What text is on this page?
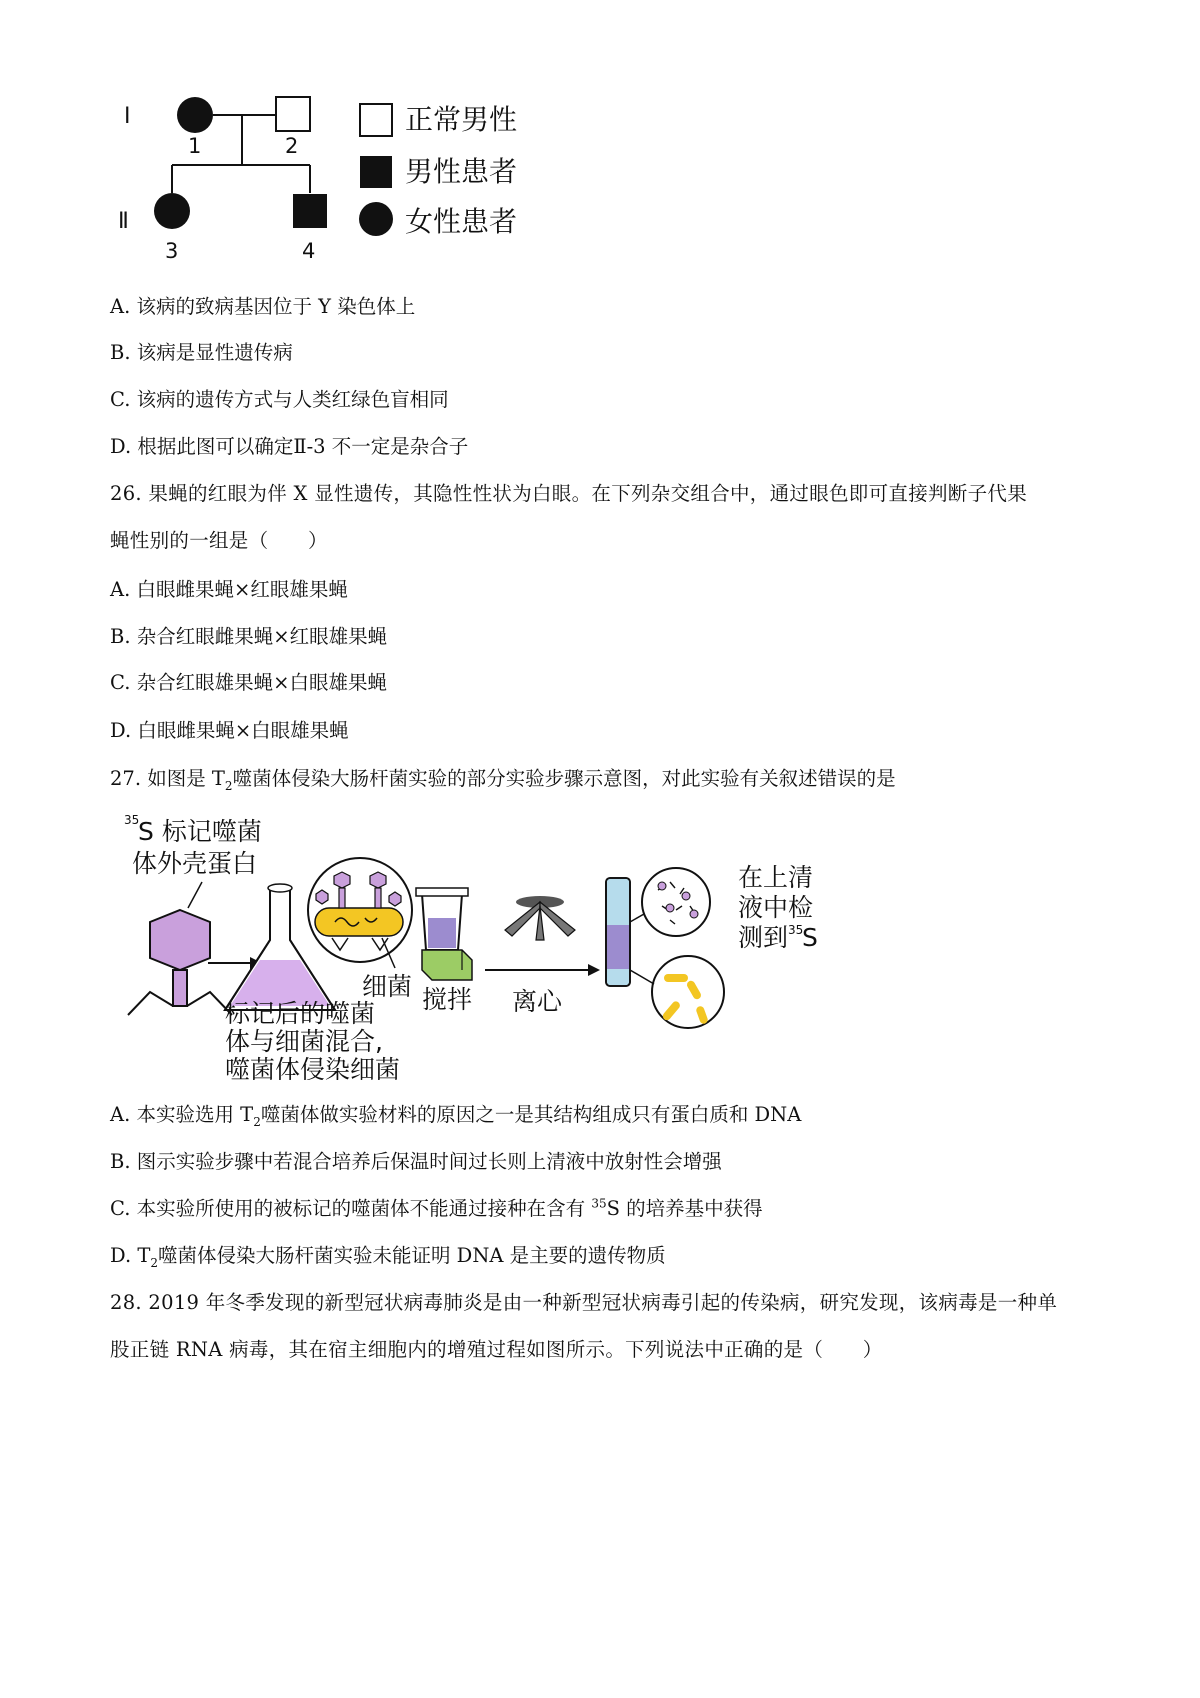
I
Ⅱ
1	2
3	4
正常男性
男性患者
女性患者
A. 该病的致病基因位于 Y 染色体上
B. 该病是显性遗传病
C. 该病的遗传方式与人类红绿色盲相同
D. 根据此图可以确定Ⅱ-3 不一定是杂合子
26. 果蝇的红眼为伴 X 显性遗传，其隐性性状为白眼。在下列杂交组合中，通过眼色即可直接判断子代果
蝇性别的一组是（　　）
A. 白眼雌果蝇×红眼雄果蝇
B. 杂合红眼雌果蝇×红眼雄果蝇
C. 杂合红眼雄果蝇×白眼雄果蝇
D. 白眼雌果蝇×白眼雄果蝇
27. 如图是 $T_2$噬菌体侵染大肠杆菌实验的部分实验步骤示意图，对此实验有关叙述错误的是
35
S 标记噬菌
体外壳蛋白
细菌 搅拌 离心
在上清
液中检
测到 35
S
标记后的噬菌
体与细菌混合,
噬菌体侵染细菌
A. 本实验选用 $T_2$噬菌体做实验材料的原因之一是其结构组成只有蛋白质和 DNA
B. 图示实验步骤中若混合培养后保温时间过长则上清液中放射性会增强
C. 本实验所使用的被标记的噬菌体不能通过接种在含有 $^{35}$S 的培养基中获得
D. $T_2$噬菌体侵染大肠杆菌实验未能证明 DNA 是主要的遗传物质
28. 2019 年冬季发现的新型冠状病毒肺炎是由一种新型冠状病毒引起的传染病，研究发现，该病毒是一种单
股正链 RNA 病毒，其在宿主细胞内的增殖过程如图所示。下列说法中正确的是（　　）
